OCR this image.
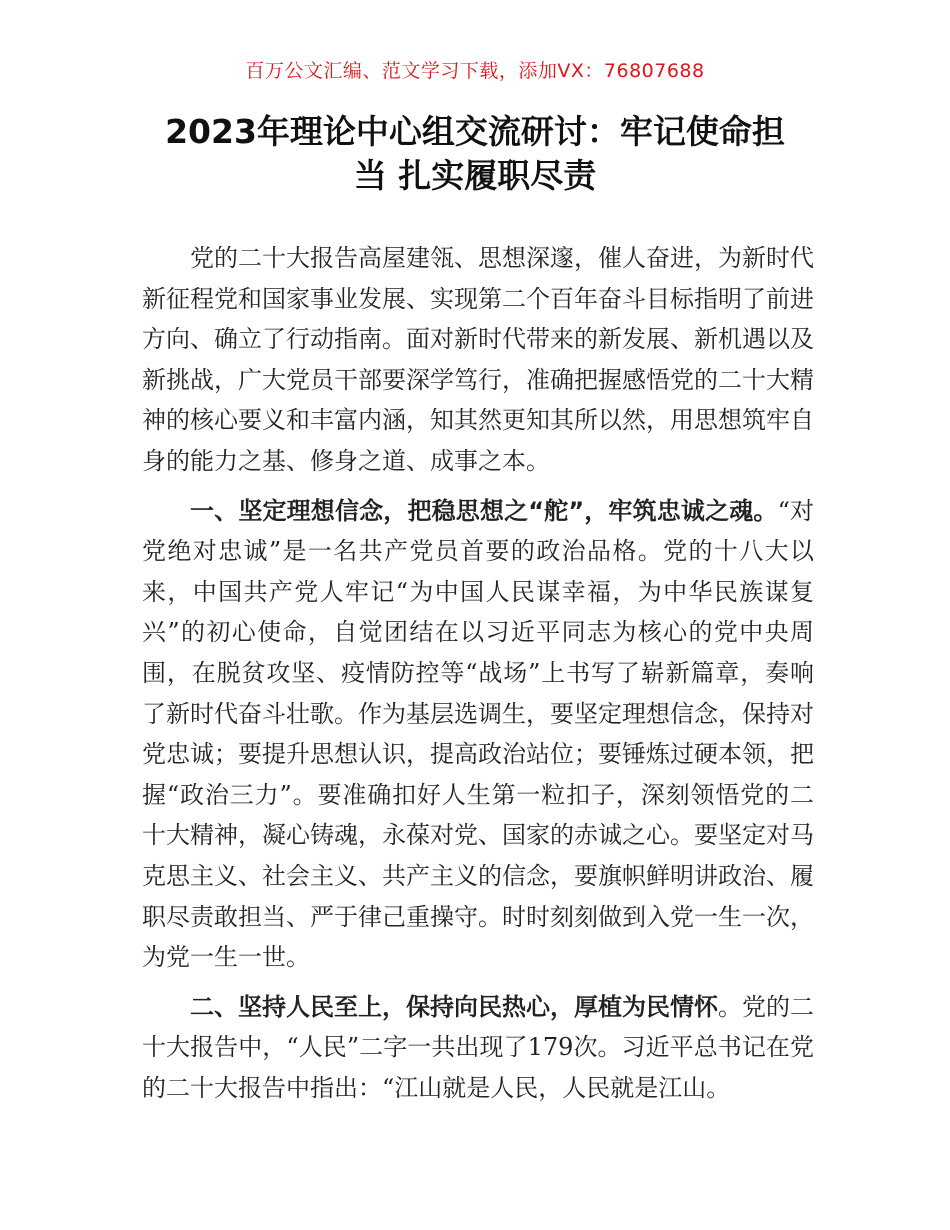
百万公文汇编、范文学习下载，添加VX：76807688
2023年理论中心组交流研讨：牢记使命担
当 扎实履职尽责

党的二十大报告高屋建瓴、思想深邃，催人奋进，为新时代新征程党和国家事业发展、实现第二个百年奋斗目标指明了前进方向、确立了行动指南。面对新时代带来的新发展、新机遇以及新挑战，广大党员干部要深学笃行，准确把握感悟党的二十大精神的核心要义和丰富内涵，知其然更知其所以然，用思想筑牢自身的能力之基、修身之道、成事之本。

一、坚定理想信念，把稳思想之“舵”，牢筑忠诚之魂。“对党绝对忠诚”是一名共产党员首要的政治品格。党的十八大以来，中国共产党人牢记“为中国人民谋幸福，为中华民族谋复兴”的初心使命，自觉团结在以习近平同志为核心的党中央周围，在脱贫攻坚、疫情防控等“战场”上书写了崭新篇章，奏响了新时代奋斗壮歌。作为基层选调生，要坚定理想信念，保持对党忠诚；要提升思想认识，提高政治站位；要锤炼过硬本领，把握“政治三力”。要准确扣好人生第一粒扣子，深刻领悟党的二十大精神，凝心铸魂，永葆对党、国家的赤诚之心。要坚定对马克思主义、社会主义、共产主义的信念，要旗帜鲜明讲政治、履职尽责敢担当、严于律己重操守。时时刻刻做到入党一生一次，为党一生一世。

二、坚持人民至上，保持向民热心，厚植为民情怀。党的二十大报告中，“人民”二字一共出现了179次。习近平总书记在党的二十大报告中指出：“江山就是人民，人民就是江山。
